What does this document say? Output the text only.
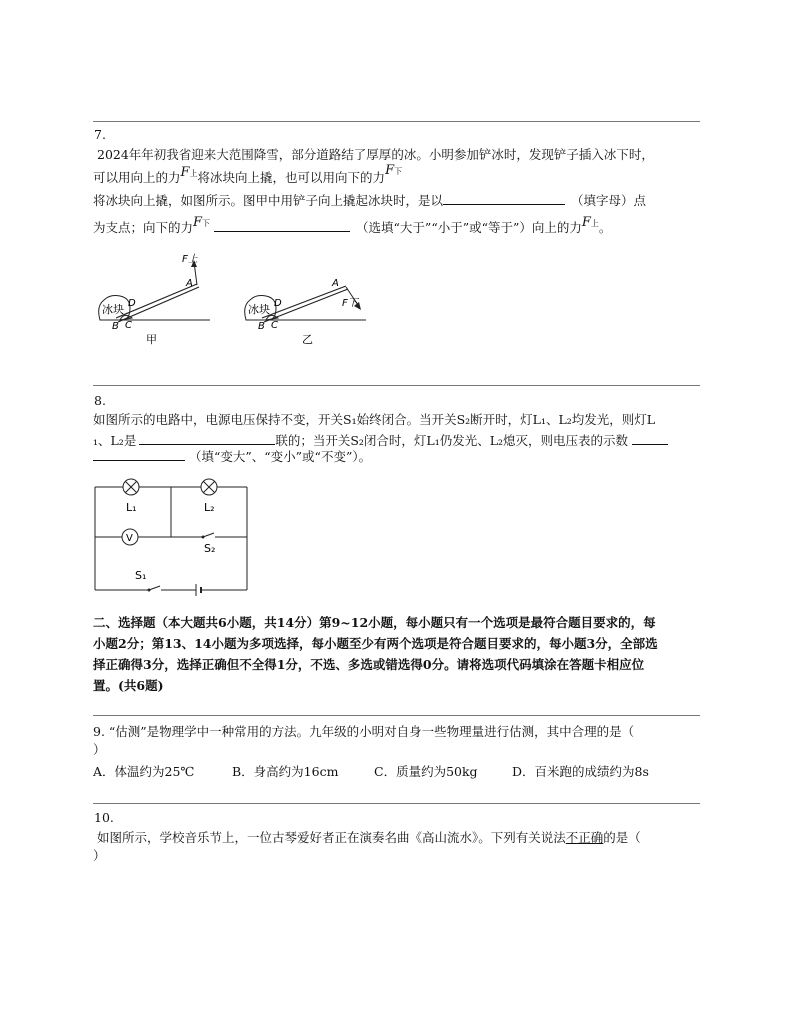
7.
2024年年初我省迎来大范围降雪，部分道路结了厚厚的冰。小明参加铲冰时，发现铲子插入冰下时，
可以用向上的力F上将冰块向上撬，也可以用向下的力F下
将冰块向上撬，如图所示。图甲中用铲子向上撬起冰块时，是以	（填字母）点
为支点；向下的力F下	（选填“大于”“小于”或“等于”）向上的力F上。
冰块
F上
A
B C
D
甲
冰块	F下
A
B C
D
乙
8.
如图所示的电路中，电源电压保持不变，开关S₁始终闭合。当开关S₂断开时，灯L₁、L₂均发光，则灯L
₁、L₂是	联的；当开关S₂闭合时，灯L₁仍发光、L₂熄灭，则电压表的示数
（填“变大”、“变小”或“不变”）。
L₁	L₂
V
S₂
S₁
二、选择题（本大题共6小题，共14分）第9~12小题，每小题只有一个选项是最符合题目要求的，每
小题2分；第13、14小题为多项选择，每小题至少有两个选项是符合题目要求的，每小题3分，全部选
择正确得3分，选择正确但不全得1分，不选、多选或错选得0分。请将选项代码填涂在答题卡相应位
置。(共6题)
9. “估测”是物理学中一种常用的方法。九年级的小明对自身一些物理量进行估测，其中合理的是（
）
A．体温约为25℃	B．身高约为16cm	C．质量约为50kg	D．百米跑的成绩约为8s
10.
如图所示，学校音乐节上，一位古琴爱好者正在演奏名曲《高山流水》。下列有关说法不正确的是（
）
